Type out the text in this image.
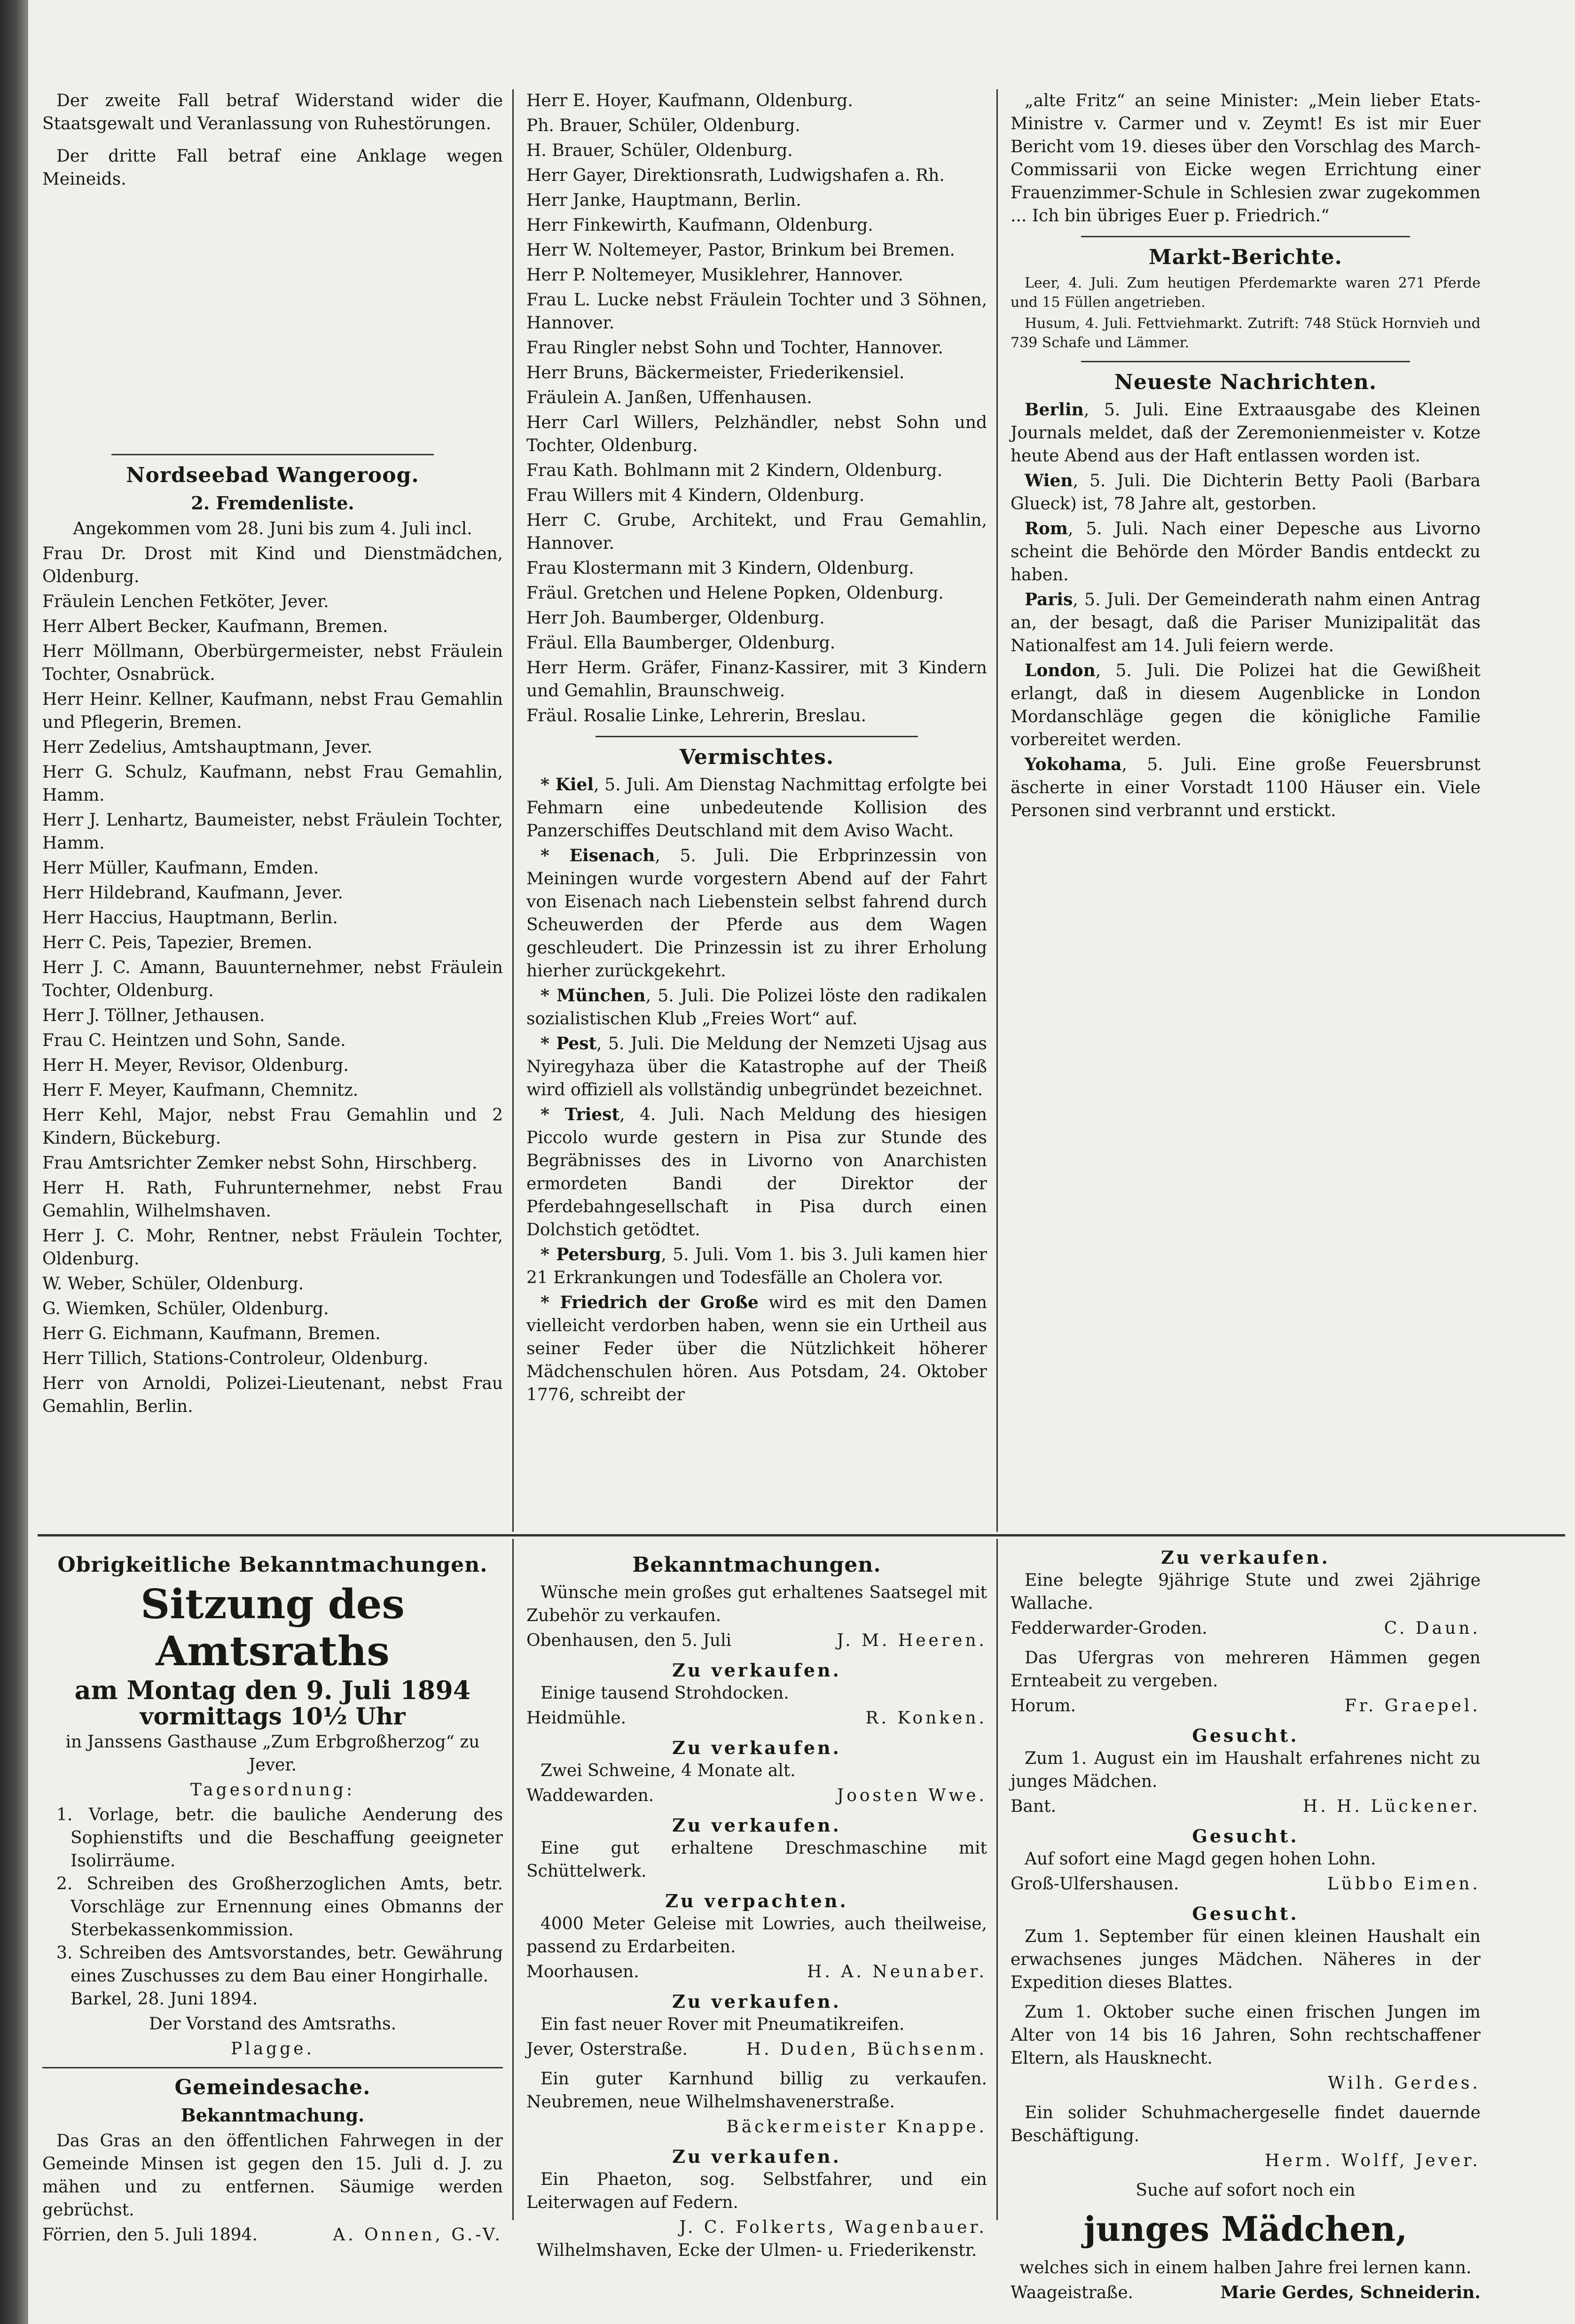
Der zweite Fall betraf Widerstand wider die Staatsgewalt und Veranlassung von Ruhestörungen.

Der dritte Fall betraf eine Anklage wegen Meineids.

Nordseebad Wangeroog.
2. Fremdenliste.

Angekommen vom 28. Juni bis zum 4. Juli incl.

Frau Dr. Drost mit Kind und Dienstmädchen, Oldenburg.

Fräulein Lenchen Fetköter, Jever.

Herr Albert Becker, Kaufmann, Bremen.

Herr Möllmann, Oberbürgermeister, nebst Fräulein Tochter, Osnabrück.

Herr Heinr. Kellner, Kaufmann, nebst Frau Gemahlin und Pflegerin, Bremen.

Herr Zedelius, Amtshauptmann, Jever.

Herr G. Schulz, Kaufmann, nebst Frau Gemahlin, Hamm.

Herr J. Lenhartz, Baumeister, nebst Fräulein Tochter, Hamm.

Herr Müller, Kaufmann, Emden.

Herr Hildebrand, Kaufmann, Jever.

Herr Haccius, Hauptmann, Berlin.

Herr C. Peis, Tapezier, Bremen.

Herr J. C. Amann, Bauunternehmer, nebst Fräulein Tochter, Oldenburg.

Herr J. Töllner, Jethausen.

Frau C. Heintzen und Sohn, Sande.

Herr H. Meyer, Revisor, Oldenburg.

Herr F. Meyer, Kaufmann, Chemnitz.

Herr Kehl, Major, nebst Frau Gemahlin und 2 Kindern, Bückeburg.

Frau Amtsrichter Zemker nebst Sohn, Hirschberg.

Herr H. Rath, Fuhrunternehmer, nebst Frau Gemahlin, Wilhelmshaven.

Herr J. C. Mohr, Rentner, nebst Fräulein Tochter, Oldenburg.

W. Weber, Schüler, Oldenburg.

G. Wiemken, Schüler, Oldenburg.

Herr G. Eichmann, Kaufmann, Bremen.

Herr Tillich, Stations-Controleur, Oldenburg.

Herr von Arnoldi, Polizei-Lieutenant, nebst Frau Gemahlin, Berlin.

Herr E. Hoyer, Kaufmann, Oldenburg.

Ph. Brauer, Schüler, Oldenburg.

H. Brauer, Schüler, Oldenburg.

Herr Gayer, Direktionsrath, Ludwigshafen a. Rh.

Herr Janke, Hauptmann, Berlin.

Herr Finkewirth, Kaufmann, Oldenburg.

Herr W. Noltemeyer, Pastor, Brinkum bei Bremen.

Herr P. Noltemeyer, Musiklehrer, Hannover.

Frau L. Lucke nebst Fräulein Tochter und 3 Söhnen, Hannover.

Frau Ringler nebst Sohn und Tochter, Hannover.

Herr Bruns, Bäckermeister, Friederikensiel.

Fräulein A. Janßen, Uffenhausen.

Herr Carl Willers, Pelzhändler, nebst Sohn und Tochter, Oldenburg.

Frau Kath. Bohlmann mit 2 Kindern, Oldenburg.

Frau Willers mit 4 Kindern, Oldenburg.

Herr C. Grube, Architekt, und Frau Gemahlin, Hannover.

Frau Klostermann mit 3 Kindern, Oldenburg.

Fräul. Gretchen und Helene Popken, Oldenburg.

Herr Joh. Baumberger, Oldenburg.

Fräul. Ella Baumberger, Oldenburg.

Herr Herm. Gräfer, Finanz-Kassirer, mit 3 Kindern und Gemahlin, Braunschweig.

Fräul. Rosalie Linke, Lehrerin, Breslau.

Vermischtes.

* Kiel, 5. Juli. Am Dienstag Nachmittag erfolgte bei Fehmarn eine unbedeutende Kollision des Panzerschiffes Deutschland mit dem Aviso Wacht.

* Eisenach, 5. Juli. Die Erbprinzessin von Meiningen wurde vorgestern Abend auf der Fahrt von Eisenach nach Liebenstein selbst fahrend durch Scheuwerden der Pferde aus dem Wagen geschleudert. Die Prinzessin ist zu ihrer Erholung hierher zurückgekehrt.

* München, 5. Juli. Die Polizei löste den radikalen sozialistischen Klub „Freies Wort“ auf.

* Pest, 5. Juli. Die Meldung der Nemzeti Ujsag aus Nyiregyhaza über die Katastrophe auf der Theiß wird offiziell als vollständig unbegründet bezeichnet.

* Triest, 4. Juli. Nach Meldung des hiesigen Piccolo wurde gestern in Pisa zur Stunde des Begräbnisses des in Livorno von Anarchisten ermordeten Bandi der Direktor der Pferdebahngesellschaft in Pisa durch einen Dolchstich getödtet.

* Petersburg, 5. Juli. Vom 1. bis 3. Juli kamen hier 21 Erkrankungen und Todesfälle an Cholera vor.

* Friedrich der Große wird es mit den Damen vielleicht verdorben haben, wenn sie ein Urtheil aus seiner Feder über die Nützlichkeit höherer Mädchenschulen hören. Aus Potsdam, 24. Oktober 1776, schreibt der

„alte Fritz“ an seine Minister: „Mein lieber Etats-Ministre v. Carmer und v. Zeymt! Es ist mir Euer Bericht vom 19. dieses über den Vorschlag des March-Commissarii von Eicke wegen Errichtung einer Frauenzimmer-Schule in Schlesien zwar zugekommen ... Ich bin übriges Euer p. Friedrich.“

Markt-Berichte.

Leer, 4. Juli. Zum heutigen Pferdemarkte waren 271 Pferde und 15 Füllen angetrieben.

Husum, 4. Juli. Fettviehmarkt. Zutrift: 748 Stück Hornvieh und 739 Schafe und Lämmer.

Neueste Nachrichten.

Berlin, 5. Juli. Eine Extraausgabe des Kleinen Journals meldet, daß der Zeremonienmeister v. Kotze heute Abend aus der Haft entlassen worden ist.

Wien, 5. Juli. Die Dichterin Betty Paoli (Barbara Glueck) ist, 78 Jahre alt, gestorben.

Rom, 5. Juli. Nach einer Depesche aus Livorno scheint die Behörde den Mörder Bandis entdeckt zu haben.

Paris, 5. Juli. Der Gemeinderath nahm einen Antrag an, der besagt, daß die Pariser Munizipalität das Nationalfest am 14. Juli feiern werde.

London, 5. Juli. Die Polizei hat die Gewißheit erlangt, daß in diesem Augenblicke in London Mordanschläge gegen die königliche Familie vorbereitet werden.

Yokohama, 5. Juli. Eine große Feuersbrunst äscherte in einer Vorstadt 1100 Häuser ein. Viele Personen sind verbrannt und erstickt.

Obrigkeitliche Bekanntmachungen.
Sitzung des Amtsraths
am Montag den 9. Juli 1894
vormittags 10½ Uhr

in Janssens Gasthause „Zum Erbgroßherzog“ zu Jever.

Tagesordnung:

1. Vorlage, betr. die bauliche Aenderung des Sophienstifts und die Beschaffung geeigneter Isolirräume.
2. Schreiben des Großherzoglichen Amts, betr. Vorschläge zur Ernennung eines Obmanns der Sterbekassenkommission.
3. Schreiben des Amtsvorstandes, betr. Gewährung eines Zuschusses zu dem Bau einer Hongirhalle.

Barkel, 28. Juni 1894.

Der Vorstand des Amtsraths.

Plagge.

Gemeindesache.
Bekanntmachung.

Das Gras an den öffentlichen Fahrwegen in der Gemeinde Minsen ist gegen den 15. Juli d. J. zu mähen und zu entfernen. Säumige werden gebrüchst.

Förrien, den 5. Juli 1894.	A. Onnen, G.-V.
Bekanntmachungen.

Wünsche mein großes gut erhaltenes Saatsegel mit Zubehör zu verkaufen.

Obenhausen, den 5. Juli	J. M. Heeren.
Zu verkaufen.

Einige tausend Strohdocken.

Heidmühle.	R. Konken.
Zu verkaufen.

Zwei Schweine, 4 Monate alt.

Waddewarden.	Joosten Wwe.
Zu verkaufen.

Eine gut erhaltene Dreschmaschine mit Schüttelwerk.

Zu verpachten.

4000 Meter Geleise mit Lowries, auch theilweise, passend zu Erdarbeiten.

Moorhausen.	H. A. Neunaber.
Zu verkaufen.

Ein fast neuer Rover mit Pneumatikreifen.

Jever, Osterstraße.	H. Duden, Büchsenm.

Ein guter Karnhund billig zu verkaufen. Neubremen, neue Wilhelmshavenerstraße.

Bäckermeister Knappe.
Zu verkaufen.

Ein Phaeton, sog. Selbstfahrer, und ein Leiterwagen auf Federn.

J. C. Folkerts, Wagenbauer.
Wilhelmshaven, Ecke der Ulmen- u. Friederikenstr.
Zu verkaufen.

Eine belegte 9jährige Stute und zwei 2jährige Wallache.

Fedderwarder-Groden.	C. Daun.

Das Ufergras von mehreren Hämmen gegen Ernteabeit zu vergeben.

Horum.	Fr. Graepel.
Gesucht.

Zum 1. August ein im Haushalt erfahrenes nicht zu junges Mädchen.

Bant.	H. H. Lückener.
Gesucht.

Auf sofort eine Magd gegen hohen Lohn.

Groß-Ulfershausen.	Lübbo Eimen.
Gesucht.

Zum 1. September für einen kleinen Haushalt ein erwachsenes junges Mädchen. Näheres in der Expedition dieses Blattes.

Zum 1. Oktober suche einen frischen Jungen im Alter von 14 bis 16 Jahren, Sohn rechtschaffener Eltern, als Hausknecht.

Wilh. Gerdes.

Ein solider Schuhmachergeselle findet dauernde Beschäftigung.

Herm. Wolff, Jever.

Suche auf sofort noch ein

junges Mädchen,

welches sich in einem halben Jahre frei lernen kann.

Waageistraße.	Marie Gerdes, Schneiderin.
